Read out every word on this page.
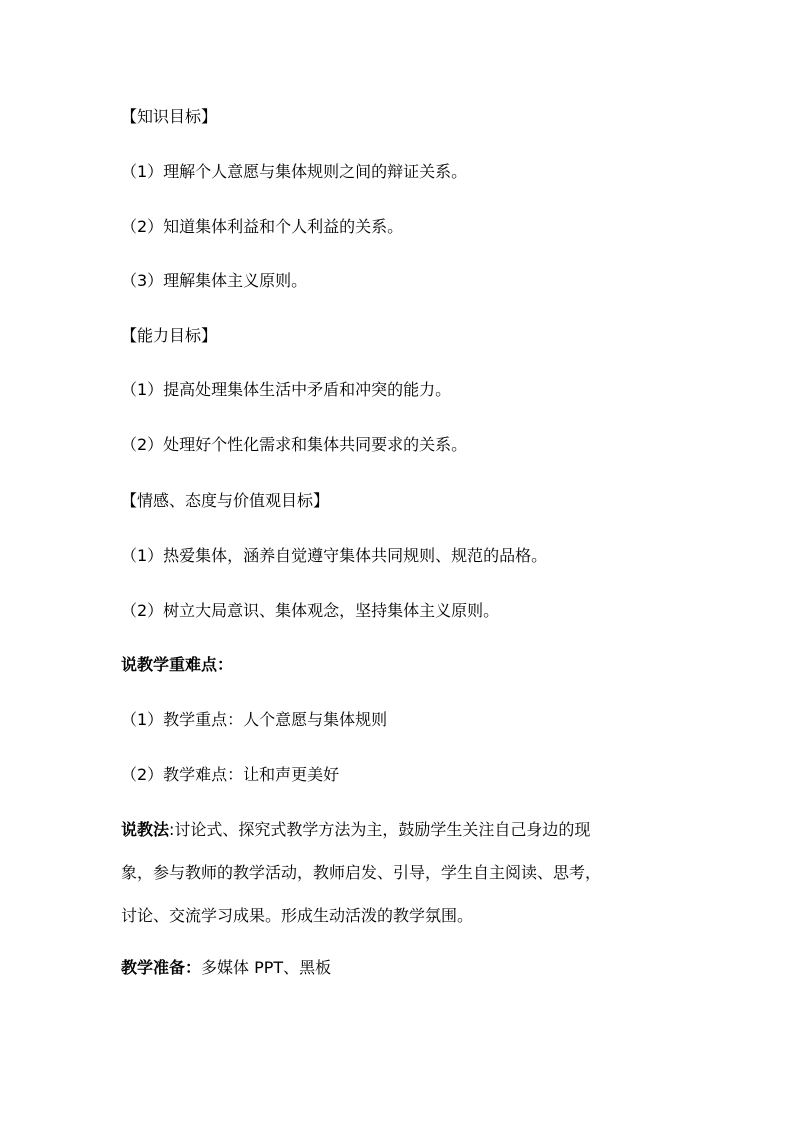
【知识目标】
（1）理解个人意愿与集体规则之间的辩证关系。
（2）知道集体利益和个人利益的关系。
（3）理解集体主义原则。
【能力目标】
（1）提高处理集体生活中矛盾和冲突的能力。
（2）处理好个性化需求和集体共同要求的关系。
【情感、态度与价值观目标】
（1）热爱集体，涵养自觉遵守集体共同规则、规范的品格。
（2）树立大局意识、集体观念，坚持集体主义原则。
说教学重难点：
（1）教学重点：人个意愿与集体规则
（2）教学难点：让和声更美好
说教法:讨论式、探究式教学方法为主，鼓励学生关注自己身边的现
象，参与教师的教学活动，教师启发、引导，学生自主阅读、思考，
讨论、交流学习成果。形成生动活泼的教学氛围。
教学准备：多媒体 PPT、黑板
